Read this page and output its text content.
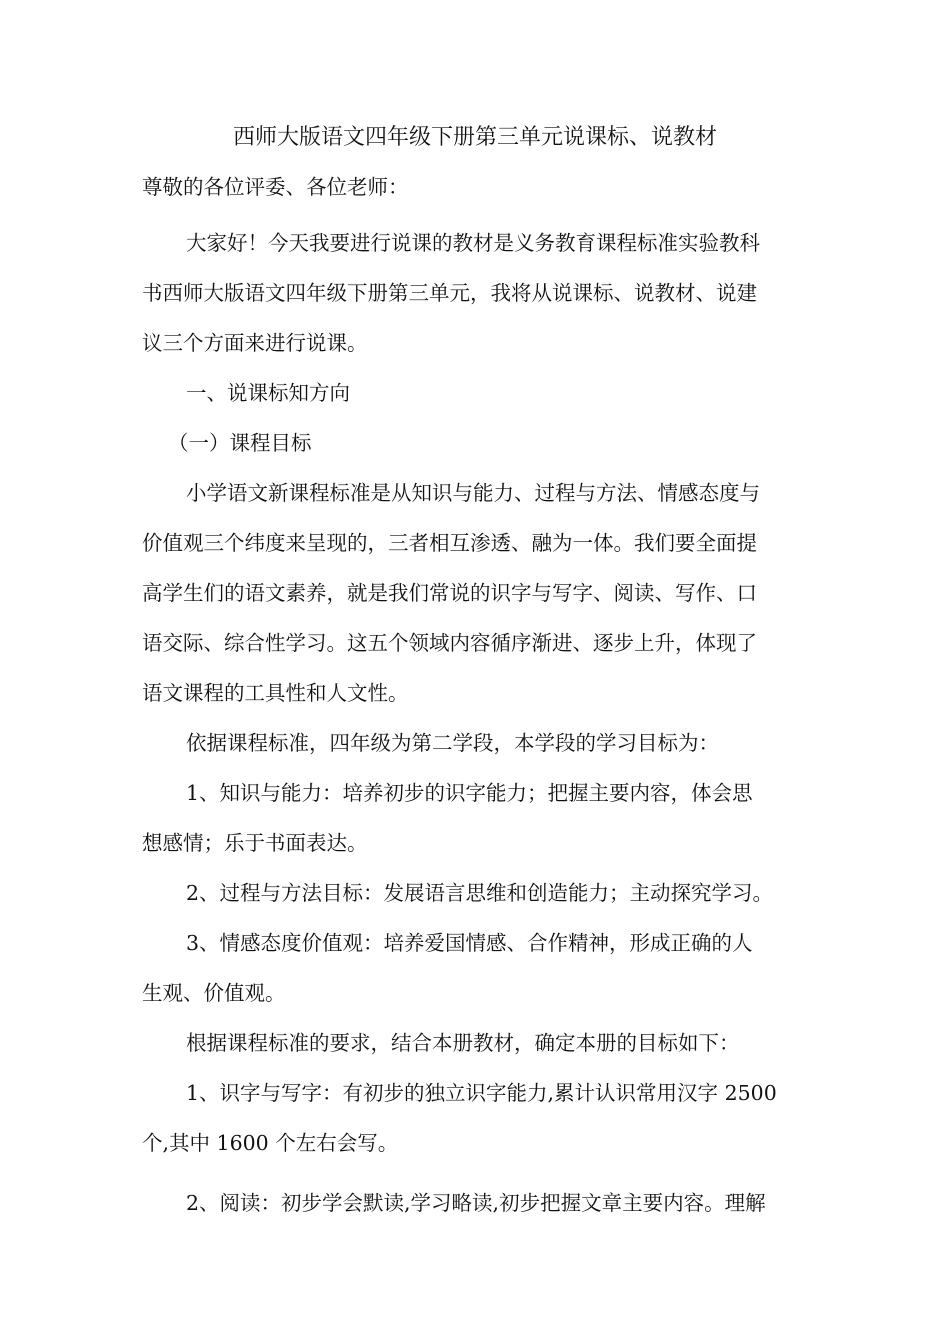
西师大版语文四年级下册第三单元说课标、说教材
尊敬的各位评委、各位老师：
大家好！今天我要进行说课的教材是义务教育课程标准实验教科
书西师大版语文四年级下册第三单元，我将从说课标、说教材、说建
议三个方面来进行说课。
一、说课标知方向
（一）课程目标
小学语文新课程标准是从知识与能力、过程与方法、情感态度与
价值观三个纬度来呈现的，三者相互渗透、融为一体。我们要全面提
高学生们的语文素养，就是我们常说的识字与写字、阅读、写作、口
语交际、综合性学习。这五个领域内容循序渐进、逐步上升，体现了
语文课程的工具性和人文性。
依据课程标准，四年级为第二学段，本学段的学习目标为：
1、知识与能力：培养初步的识字能力；把握主要内容，体会思
想感情；乐于书面表达。
2、过程与方法目标：发展语言思维和创造能力；主动探究学习。
3、情感态度价值观：培养爱国情感、合作精神，形成正确的人
生观、价值观。
根据课程标准的要求，结合本册教材，确定本册的目标如下：
1、识字与写字：有初步的独立识字能力,累计认识常用汉字 2500
个,其中 1600 个左右会写。
2、阅读：初步学会默读,学习略读,初步把握文章主要内容。理解
